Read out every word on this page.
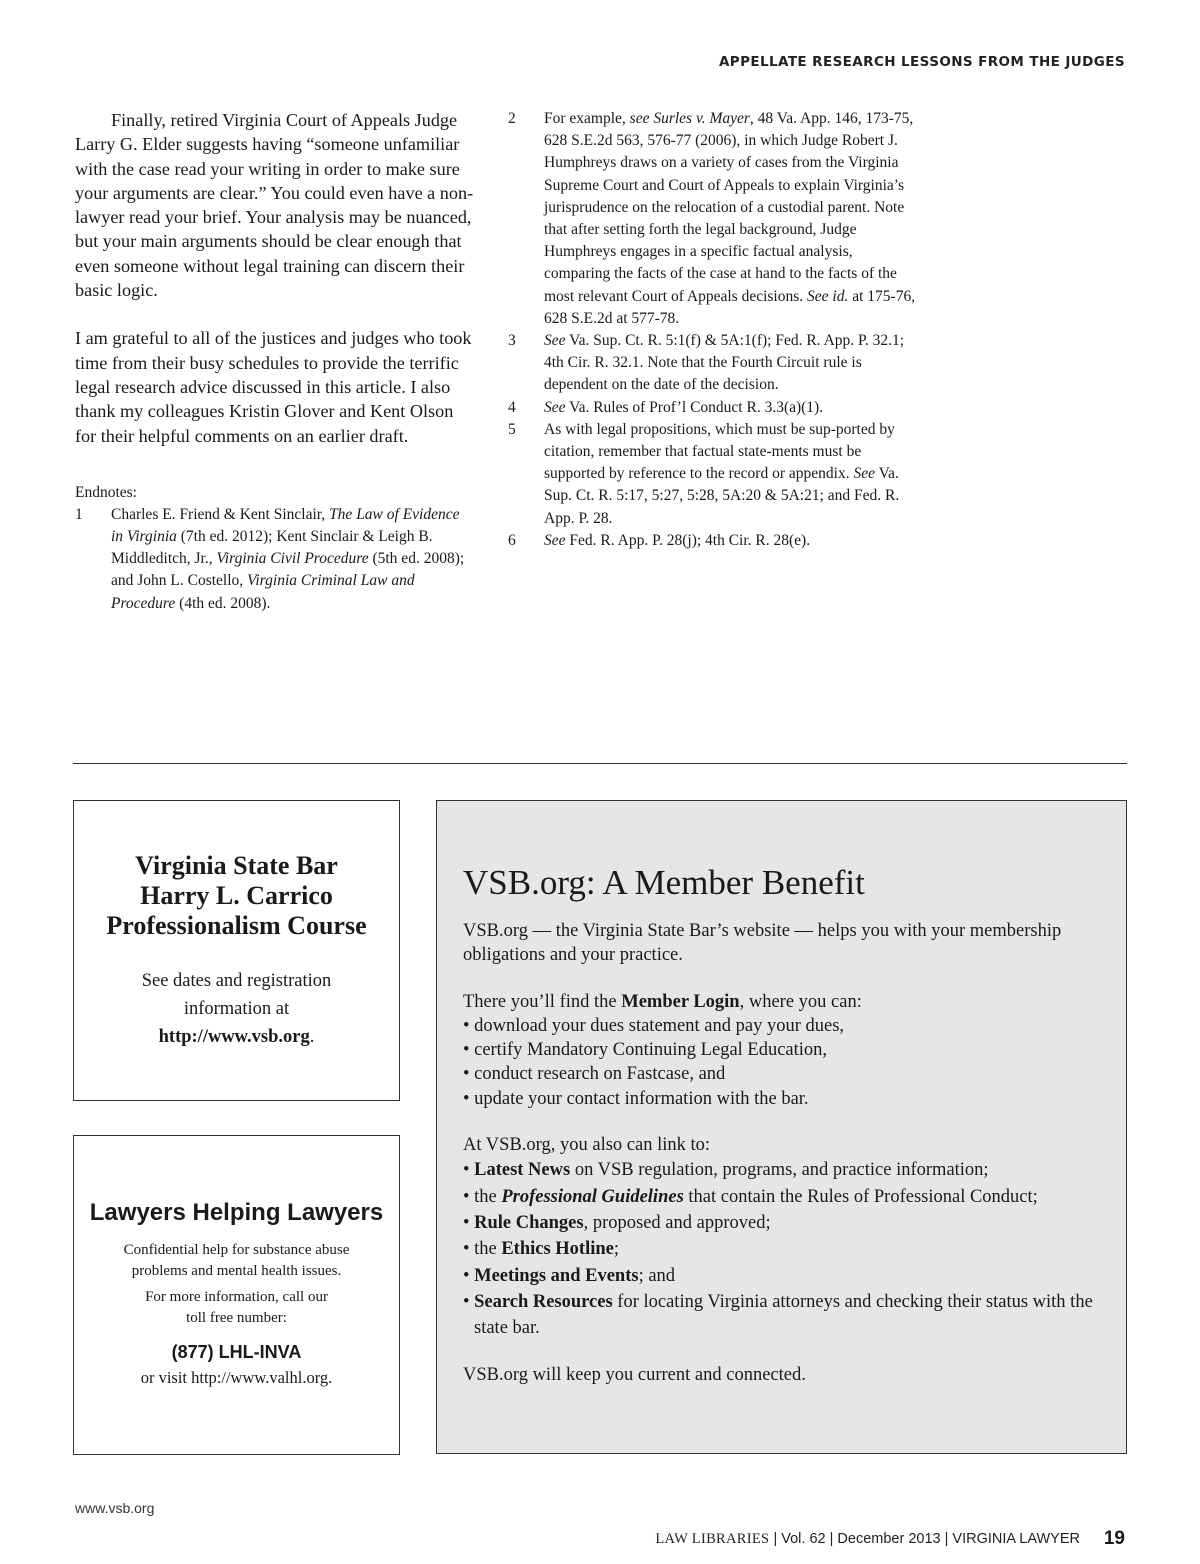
APPELLATE RESEARCH LESSONS FROM THE JUDGES

Finally, retired Virginia Court of Appeals Judge Larry G. Elder suggests having “someone unfamiliar with the case read your writing in order to make sure your arguments are clear.” You could even have a non-lawyer read your brief. Your analysis may be nuanced, but your main arguments should be clear enough that even someone without legal training can discern their basic logic.

I am grateful to all of the justices and judges who took time from their busy schedules to provide the terrific legal research advice discussed in this article. I also thank my colleagues Kristin Glover and Kent Olson for their helpful comments on an earlier draft.

Endnotes:
1	Charles E. Friend & Kent Sinclair, The Law of Evidence in Virginia (7th ed. 2012); Kent Sinclair & Leigh B. Middleditch, Jr., Virginia Civil Procedure (5th ed. 2008); and John L. Costello, Virginia Criminal Law and Procedure (4th ed. 2008).
2	For example, see Surles v. Mayer, 48 Va. App. 146, 173-75, 628 S.E.2d 563, 576-77 (2006), in which Judge Robert J. Humphreys draws on a variety of cases from the Virginia Supreme Court and Court of Appeals to explain Virginia’s jurisprudence on the relocation of a custodial parent. Note that after setting forth the legal background, Judge Humphreys engages in a specific factual analysis, comparing the facts of the case at hand to the facts of the most relevant Court of Appeals decisions. See id. at 175-76, 628 S.E.2d at 577-78.
3	See Va. Sup. Ct. R. 5:1(f) & 5A:1(f); Fed. R. App. P. 32.1; 4th Cir. R. 32.1. Note that the Fourth Circuit rule is dependent on the date of the decision.
4	See Va. Rules of Prof’l Conduct R. 3.3(a)(1).
5	As with legal propositions, which must be sup-ported by citation, remember that factual state-ments must be supported by reference to the record or appendix. See Va. Sup. Ct. R. 5:17, 5:27, 5:28, 5A:20 & 5A:21; and Fed. R. App. P. 28.
6	See Fed. R. App. P. 28(j); 4th Cir. R. 28(e).
Virginia State Bar
Harry L. Carrico
Professionalism Course
See dates and registration
information at
http://www.vsb.org.
Lawyers Helping Lawyers
Confidential help for substance abuse
problems and mental health issues.
For more information, call our
toll free number:
(877) LHL-INVA
or visit http://www.valhl.org.
VSB.org: A Member Benefit

VSB.org — the Virginia State Bar’s website — helps you with your membership obligations and your practice.

There you’ll find the Member Login, where you can:

• download your dues statement and pay your dues,
• certify Mandatory Continuing Legal Education,
• conduct research on Fastcase, and
• update your contact information with the bar.

At VSB.org, you also can link to:

• Latest News on VSB regulation, programs, and practice information;
• the Professional Guidelines that contain the Rules of Professional Conduct;
• Rule Changes, proposed and approved;
• the Ethics Hotline;
• Meetings and Events; and
• Search Resources for locating Virginia attorneys and checking their status with the state bar.

VSB.org will keep you current and connected.

www.vsb.org
LAW LIBRARIES | Vol. 62 | December 2013 | VIRGINIA LAWYER 19
